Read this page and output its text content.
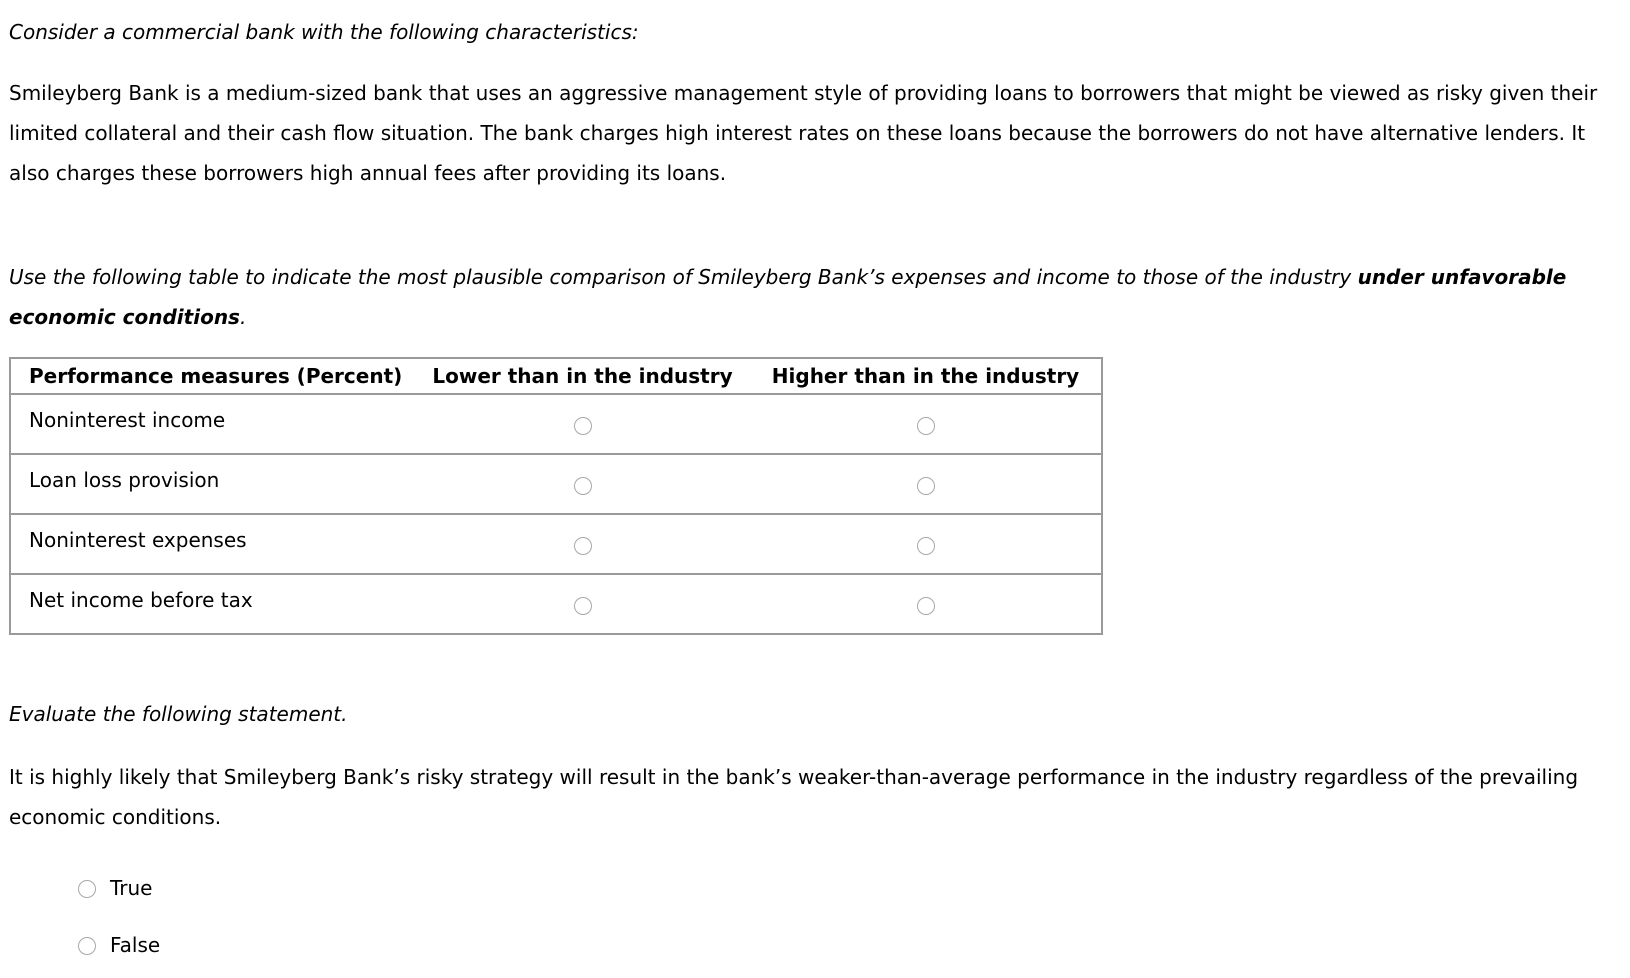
Consider a commercial bank with the following characteristics:

Smileyberg Bank is a medium-sized bank that uses an aggressive management style of providing loans to borrowers that might be viewed as risky given their limited collateral and their cash flow situation. The bank charges high interest rates on these loans because the borrowers do not have alternative lenders. It also charges these borrowers high annual fees after providing its loans.

Use the following table to indicate the most plausible comparison of Smileyberg Bank’s expenses and income to those of the industry under unfavorable economic conditions.

Performance measures (Percent)	Lower than in the industry	Higher than in the industry
Noninterest income		
Loan loss provision		
Noninterest expenses		
Net income before tax		

Evaluate the following statement.

It is highly likely that Smileyberg Bank’s risky strategy will result in the bank’s weaker-than-average performance in the industry regardless of the prevailing economic conditions.

True
False
